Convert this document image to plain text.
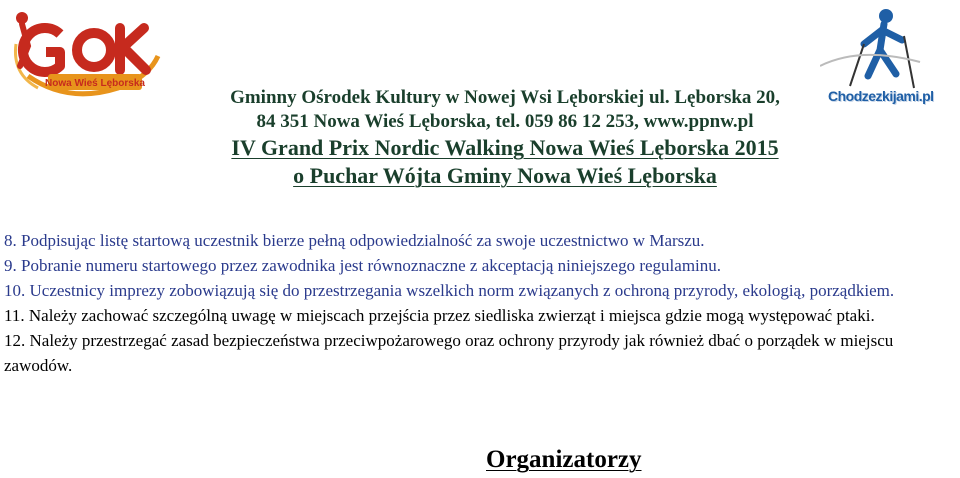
Nowa Wieś Lęborska
Chodzezkijami.pl
Gminny Ośrodek Kultury w Nowej Wsi Lęborskiej ul. Lęborska 20,
84 351 Nowa Wieś Lęborska, tel. 059 86 12 253, www.ppnw.pl
IV Grand Prix Nordic Walking Nowa Wieś Lęborska 2015
o Puchar Wójta Gminy Nowa Wieś Lęborska
8. Podpisując listę startową uczestnik bierze pełną odpowiedzialność za swoje uczestnictwo w Marszu.
9. Pobranie numeru startowego przez zawodnika jest równoznaczne z akceptacją niniejszego regulaminu.
10. Uczestnicy imprezy zobowiązują się do przestrzegania wszelkich norm związanych z ochroną przyrody, ekologią, porządkiem.
11. Należy zachować szczególną uwagę w miejscach przejścia przez siedliska zwierząt i miejsca gdzie mogą występować ptaki.
12. Należy przestrzegać zasad bezpieczeństwa przeciwpożarowego oraz ochrony przyrody jak również dbać o porządek w miejscu zawodów.
Organizatorzy
